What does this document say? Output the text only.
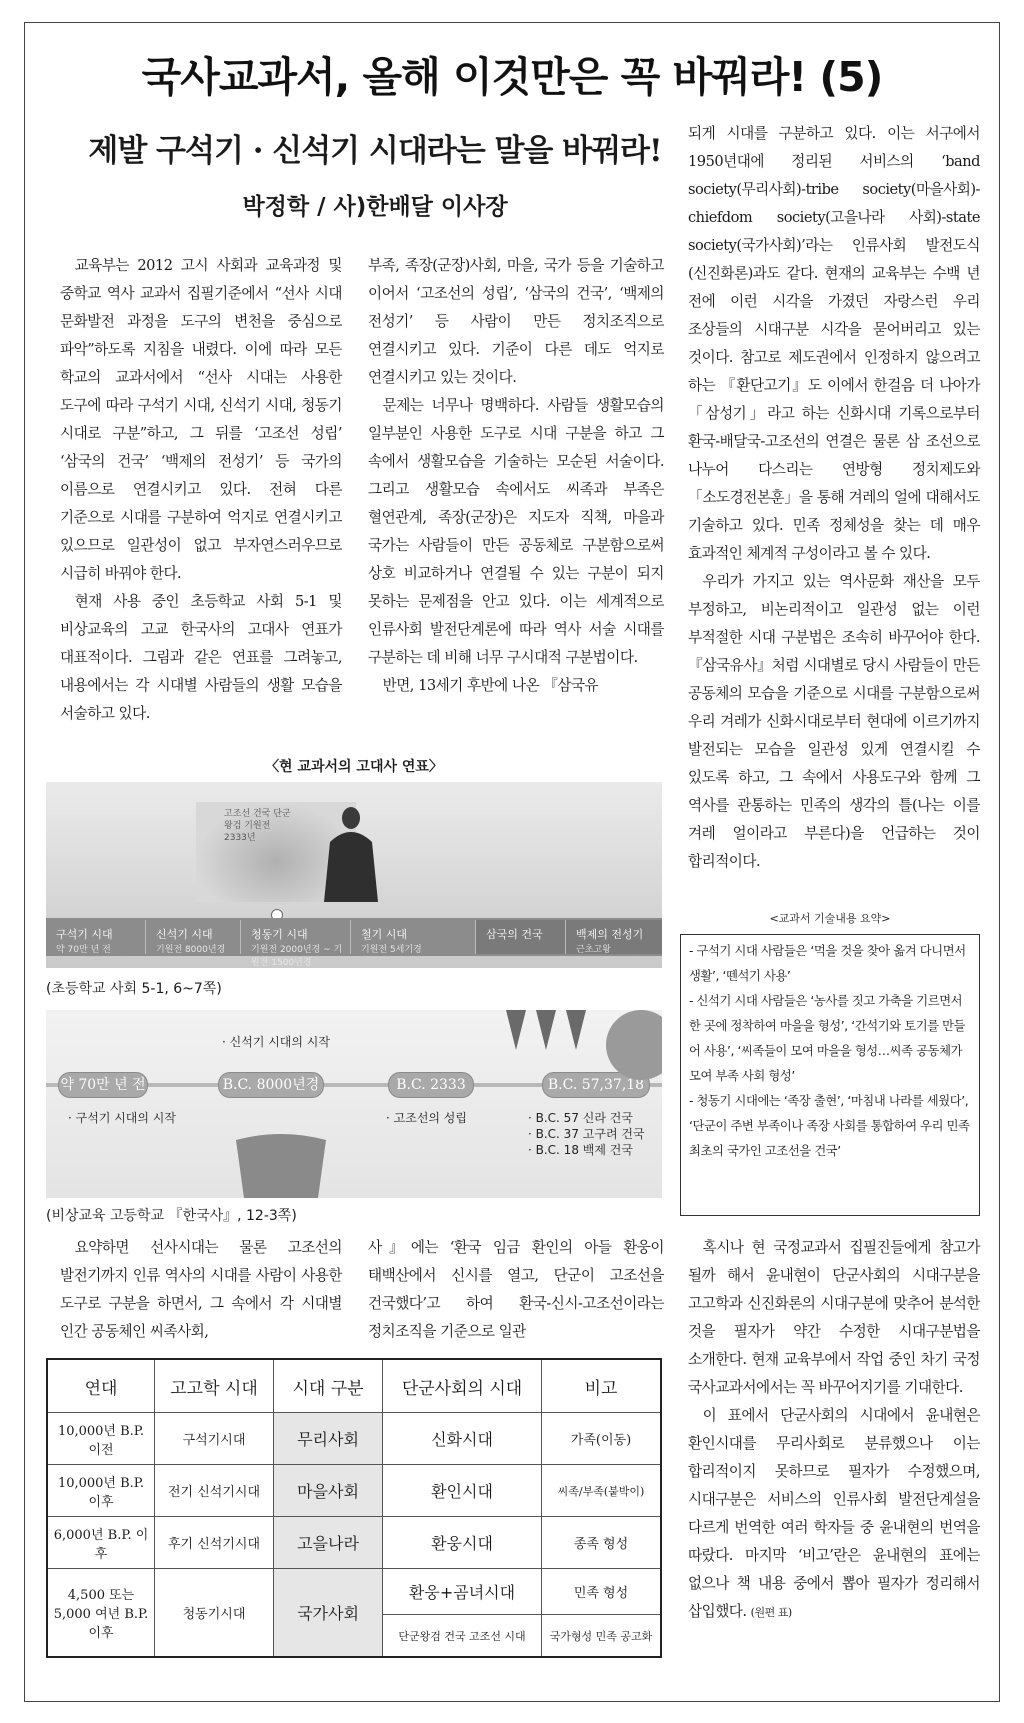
국사교과서, 올해 이것만은 꼭 바꿔라! (5)
제발 구석기 · 신석기 시대라는 말을 바꿔라!
박정학 / 사)한배달 이사장

교육부는 2012 고시 사회과 교육과정 및 중학교 역사 교과서 집필기준에서 “선사 시대 문화발전 과정을 도구의 변천을 중심으로 파악”하도록 지침을 내렸다. 이에 따라 모든 학교의 교과서에서 “선사 시대는 사용한 도구에 따라 구석기 시대, 신석기 시대, 청동기 시대로 구분”하고, 그 뒤를 ‘고조선 성립’ ‘삼국의 건국’ ‘백제의 전성기’ 등 국가의 이름으로 연결시키고 있다. 전혀 다른 기준으로 시대를 구분하여 억지로 연결시키고 있으므로 일관성이 없고 부자연스러우므로 시급히 바꿔야 한다.

현재 사용 중인 초등학교 사회 5-1 및 비상교육의 고교 한국사의 고대사 연표가 대표적이다. 그림과 같은 연표를 그려놓고, 내용에서는 각 시대별 사람들의 생활 모습을 서술하고 있다.

부족, 족장(군장)사회, 마을, 국가 등을 기술하고 이어서 ‘고조선의 성립’, ‘삼국의 건국’, ‘백제의 전성기’ 등 사람이 만든 정치조직으로 연결시키고 있다. 기준이 다른 데도 억지로 연결시키고 있는 것이다.

문제는 너무나 명백하다. 사람들 생활모습의 일부분인 사용한 도구로 시대 구분을 하고 그 속에서 생활모습을 기술하는 모순된 서술이다. 그리고 생활모습 속에서도 씨족과 부족은 혈연관계, 족장(군장)은 지도자 직책, 마을과 국가는 사람들이 만든 공동체로 구분함으로써 상호 비교하거나 연결될 수 있는 구분이 되지 못하는 문제점을 안고 있다. 이는 세계적으로 인류사회 발전단계론에 따라 역사 서술 시대를 구분하는 데 비해 너무 구시대적 구분법이다.

반면, 13세기 후반에 나온 『삼국유

되게 시대를 구분하고 있다. 이는 서구에서 1950년대에 정리된 서비스의 ‘band society(무리사회)-tribe society(마을사회)-chiefdom society(고을나라 사회)-state society(국가사회)’라는 인류사회 발전도식(신진화론)과도 같다. 현재의 교육부는 수백 년 전에 이런 시각을 가졌던 자랑스런 우리 조상들의 시대구분 시각을 묻어버리고 있는 것이다. 참고로 제도권에서 인정하지 않으려고 하는 『환단고기』도 이에서 한걸음 더 나아가 「삼성기」라고 하는 신화시대 기록으로부터 환국-배달국-고조선의 연결은 물론 삼 조선으로 나누어 다스리는 연방형 정치제도와 「소도경전본훈」을 통해 겨레의 얼에 대해서도 기술하고 있다. 민족 정체성을 찾는 데 매우 효과적인 체계적 구성이라고 볼 수 있다.

우리가 가지고 있는 역사문화 재산을 모두 부정하고, 비논리적이고 일관성 없는 이런 부적절한 시대 구분법은 조속히 바꾸어야 한다. 『삼국유사』처럼 시대별로 당시 사람들이 만든 공동체의 모습을 기준으로 시대를 구분함으로써 우리 겨레가 신화시대로부터 현대에 이르기까지 발전되는 모습을 일관성 있게 연결시킬 수 있도록 하고, 그 속에서 사용도구와 함께 그 역사를 관통하는 민족의 생각의 틀(나는 이를 겨레 얼이라고 부른다)을 언급하는 것이 합리적이다.

〈현 교과서의 고대사 연표〉
고조선 건국 단군왕검 기원전 2333년
구석기 시대
약 70만 년 전
신석기 시대
기원전 8000년경
청동기 시대
기원전 2000년경 ~ 기원전 1500년경
철기 시대
기원전 5세기경
삼국의 건국	백제의 전성기
근초고왕
(초등학교 사회 5-1, 6~7쪽)
약 70만 년 전	B.C. 8000년경	B.C. 2333	B.C. 57,37,18
· 신석기 시대의 시작
· 구석기 시대의 시작	· 고조선의 성립	· B.C. 57 신라 건국
· B.C. 37 고구려 건국
· B.C. 18 백제 건국
(비상교육 고등학교 『한국사』, 12-3쪽)
<교과서 기술내용 요약>

- 구석기 시대 사람들은 ‘먹을 것을 찾아 옮겨 다니면서 생활’, ‘뗀석기 사용’

- 신석기 시대 사람들은 ‘농사를 짓고 가축을 기르면서 한 곳에 정착하여 마을을 형성’, ‘간석기와 토기를 만들어 사용’, ‘씨족들이 모여 마을을 형성…씨족 공동체가 모여 부족 사회 형성’

- 청동기 시대에는 ‘족장 출현’, ‘마침내 나라를 세웠다’, ‘단군이 주변 부족이나 족장 사회를 통합하여 우리 민족 최초의 국가인 고조선을 건국’

요약하면 선사시대는 물론 고조선의 발전기까지 인류 역사의 시대를 사람이 사용한 도구로 구분을 하면서, 그 속에서 각 시대별 인간 공동체인 씨족사회,

사』에는 ‘환국 임금 환인의 아들 환웅이 태백산에서 신시를 열고, 단군이 고조선을 건국했다’고 하여 환국-신시-고조선이라는 정치조직을 기준으로 일관

혹시나 현 국정교과서 집필진들에게 참고가 될까 해서 윤내현이 단군사회의 시대구분을 고고학과 신진화론의 시대구분에 맞추어 분석한 것을 필자가 약간 수정한 시대구분법을 소개한다. 현재 교육부에서 작업 중인 차기 국정 국사교과서에서는 꼭 바꾸어지기를 기대한다.

이 표에서 단군사회의 시대에서 윤내현은 환인시대를 무리사회로 분류했으나 이는 합리적이지 못하므로 필자가 수정했으며, 시대구분은 서비스의 인류사회 발전단계설을 다르게 번역한 여러 학자들 중 윤내현의 번역을 따랐다. 마지막 ‘비고’란은 윤내현의 표에는 없으나 책 내용 중에서 뽑아 필자가 정리해서 삽입했다. (원편 표)

연대	고고학 시대	시대 구분	단군사회의 시대	비고
10,000년 B.P. 이전	구석기시대	무리사회	신화시대	가족(이동)
10,000년 B.P. 이후	전기 신석기시대	마을사회	환인시대	씨족/부족(붙박이)
6,000년 B.P. 이후	후기 신석기시대	고을나라	환웅시대	종족 형성
4,500 또는 5,000 여년 B.P. 이후	청동기시대	국가사회	환웅+곰녀시대	민족 형성
			단군왕검 건국 고조선 시대	국가형성 민족 공고화
